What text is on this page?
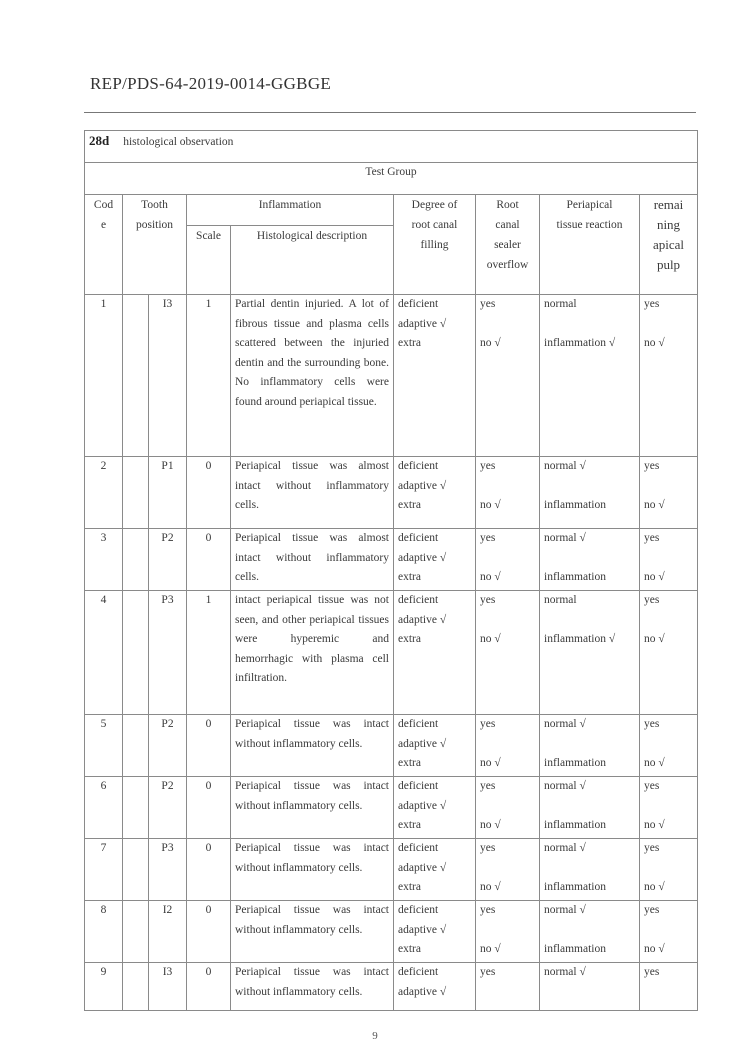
REP/PDS-64-2019-0014-GGBGE
28d histological observation								
Test Group								

Cod
e	Tooth
position		Inflammation		Degree of
root canal
filling	Root
canal
sealer
overflow	Periapical
tissue reaction	remai
ning
apical
pulp

			Scale	Histological description				
1		I3	1	Partial dentin injuried. A lot of fibrous tissue and plasma cells scattered between the injuried dentin and the surrounding bone. No inflammatory cells were found around periapical tissue.	deficient
adaptive √
extra	yes
no √	normal
inflammation √	yes
no √

2		P1	0	Periapical tissue was almost intact without inflammatory cells.	deficient
adaptive √
extra	yes
no √	normal √
inflammation	yes
no √

3		P2	0	Periapical tissue was almost intact without inflammatory cells.	deficient
adaptive √
extra	yes
no √	normal √
inflammation	yes
no √

4		P3	1	intact periapical tissue was not seen, and other periapical tissues were hyperemic and hemorrhagic with plasma cell infiltration.	deficient
adaptive √
extra	yes
no √	normal
inflammation √	yes
no √

5		P2	0	Periapical tissue was intact without inflammatory cells.	deficient
adaptive √
extra	yes
no √	normal √
inflammation	yes
no √

6		P2	0	Periapical tissue was intact without inflammatory cells.	deficient
adaptive √
extra	yes
no √	normal √
inflammation	yes
no √

7		P3	0	Periapical tissue was intact without inflammatory cells.	deficient
adaptive √
extra	yes
no √	normal √
inflammation	yes
no √

8		I2	0	Periapical tissue was intact without inflammatory cells.	deficient
adaptive √
extra	yes
no √	normal √
inflammation	yes
no √

9		I3	0	Periapical tissue was intact without inflammatory cells.	deficient
adaptive √	yes	normal √	yes
9
